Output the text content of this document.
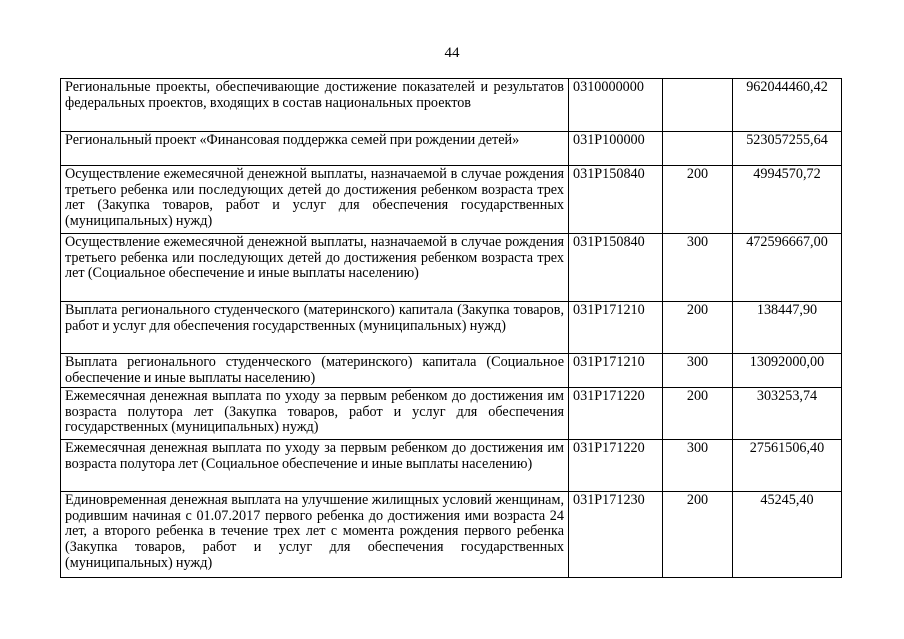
44
Региональные проекты, обеспечивающие достижение показателей и результатов федеральных проектов, входящих в состав национальных проектов	0310000000		962044460,42
Региональный проект «Финансовая поддержка семей при рождении детей»	031P100000		523057255,64
Осуществление ежемесячной денежной выплаты, назначаемой в случае рождения третьего ребенка или последующих детей до достижения ребенком возраста трех лет (Закупка товаров, работ и услуг для обеспечения государственных (муниципальных) нужд)	031P150840	200	4994570,72
Осуществление ежемесячной денежной выплаты, назначаемой в случае рождения третьего ребенка или последующих детей до достижения ребенком возраста трех лет (Социальное обеспечение и иные выплаты населению)	031P150840	300	472596667,00
Выплата регионального студенческого (материнского) капитала (Закупка товаров, работ и услуг для обеспечения государственных (муниципальных) нужд)	031P171210	200	138447,90
Выплата регионального студенческого (материнского) капитала (Социальное обеспечение и иные выплаты населению)	031P171210	300	13092000,00
Ежемесячная денежная выплата по уходу за первым ребенком до достижения им возраста полутора лет (Закупка товаров, работ и услуг для обеспечения государственных (муниципальных) нужд)	031P171220	200	303253,74
Ежемесячная денежная выплата по уходу за первым ребенком до достижения им возраста полутора лет (Социальное обеспечение и иные выплаты населению)	031P171220	300	27561506,40
Единовременная денежная выплата на улучшение жилищных условий женщинам, родившим начиная с 01.07.2017 первого ребенка до достижения ими возраста 24 лет, а второго ребенка в течение трех лет с момента рождения первого ребенка (Закупка товаров, работ и услуг для обеспечения государственных (муниципальных) нужд)	031P171230	200	45245,40
